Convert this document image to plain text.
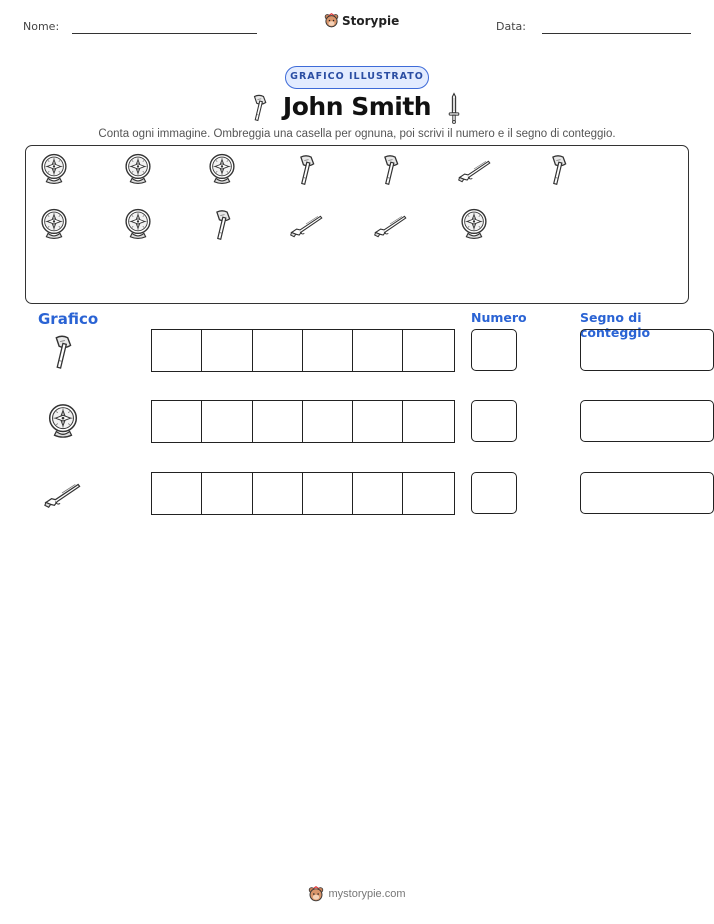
Nome:	Storypie	Data:
GRAFICO ILLUSTRATO
John Smith
Conta ogni immagine. Ombreggia una casella per ognuna, poi scrivi il numero e il segno di conteggio.
Grafico	Numero	Segno di conteggio
mystorypie.com
